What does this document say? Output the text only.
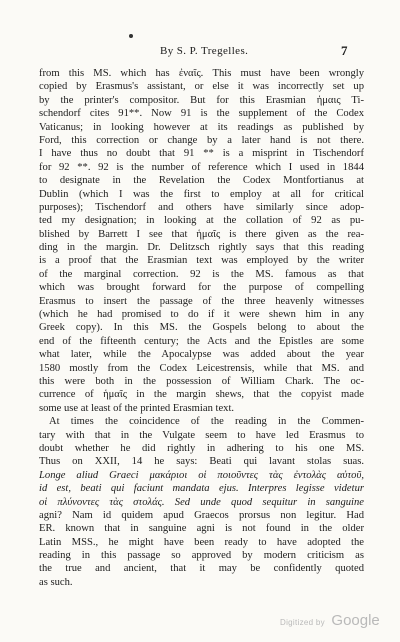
By S. P. Tregelles.	7
from this MS. which has ἐναῖς. This must have been wrongly
copied by Erasmus's assistant, or else it was incorrectly set up
by the printer's compositor. But for this Erasmian ἡμαις Ti-
schendorf cites 91**. Now 91 is the supplement of the Codex
Vaticanus; in looking however at its readings as published by
Ford, this correction or change by a later hand is not there.
I have thus no doubt that 91 ** is a misprint in Tischendorf
for 92 **. 92 is the number of reference which I used in 1844
to designate in the Revelation the Codex Montfortianus at
Dublin (which I was the first to employ at all for critical
purposes); Tischendorf and others have similarly since adop-
ted my designation; in looking at the collation of 92 as pu-
blished by Barrett I see that ἡμαῖς is there given as the rea-
ding in the margin. Dr. Delitzsch rightly says that this reading
is a proof that the Erasmian text was employed by the writer
of the marginal correction. 92 is the MS. famous as that
which was brought forward for the purpose of compelling
Erasmus to insert the passage of the three heavenly witnesses
(which he had promised to do if it were shewn him in any
Greek copy). In this MS. the Gospels belong to about the
end of the fifteenth century; the Acts and the Epistles are some
what later, while the Apocalypse was added about the year
1580 mostly from the Codex Leicestrensis, while that MS. and
this were both in the possession of William Chark. The oc-
currence of ἡμαῖς in the margin shews, that the copyist made
some use at least of the printed Erasmian text.
At times the coincidence of the reading in the Commen-
tary with that in the Vulgate seem to have led Erasmus to
doubt whether he did rightly in adhering to his one MS.
Thus on XXII, 14 he says: Beati qui lavant stolas suas.
Longe aliud Graeci μακάριοι οἱ ποιοῦντες τὰς ἐντολὰς αὐτοῦ,
id est, beati qui faciunt mandata ejus. Interpres legisse videtur
οἱ πλύνοντες τὰς στολάς. Sed unde quod sequitur in sanguine
agni? Nam id quidem apud Graecos prorsus non legitur. Had
ER. known that in sanguine agni is not found in the older
Latin MSS., he might have been ready to have adopted the
reading in this passage so approved by modern criticism as
the true and ancient, that it may be confidently quoted
as such.
Digitized by Google
